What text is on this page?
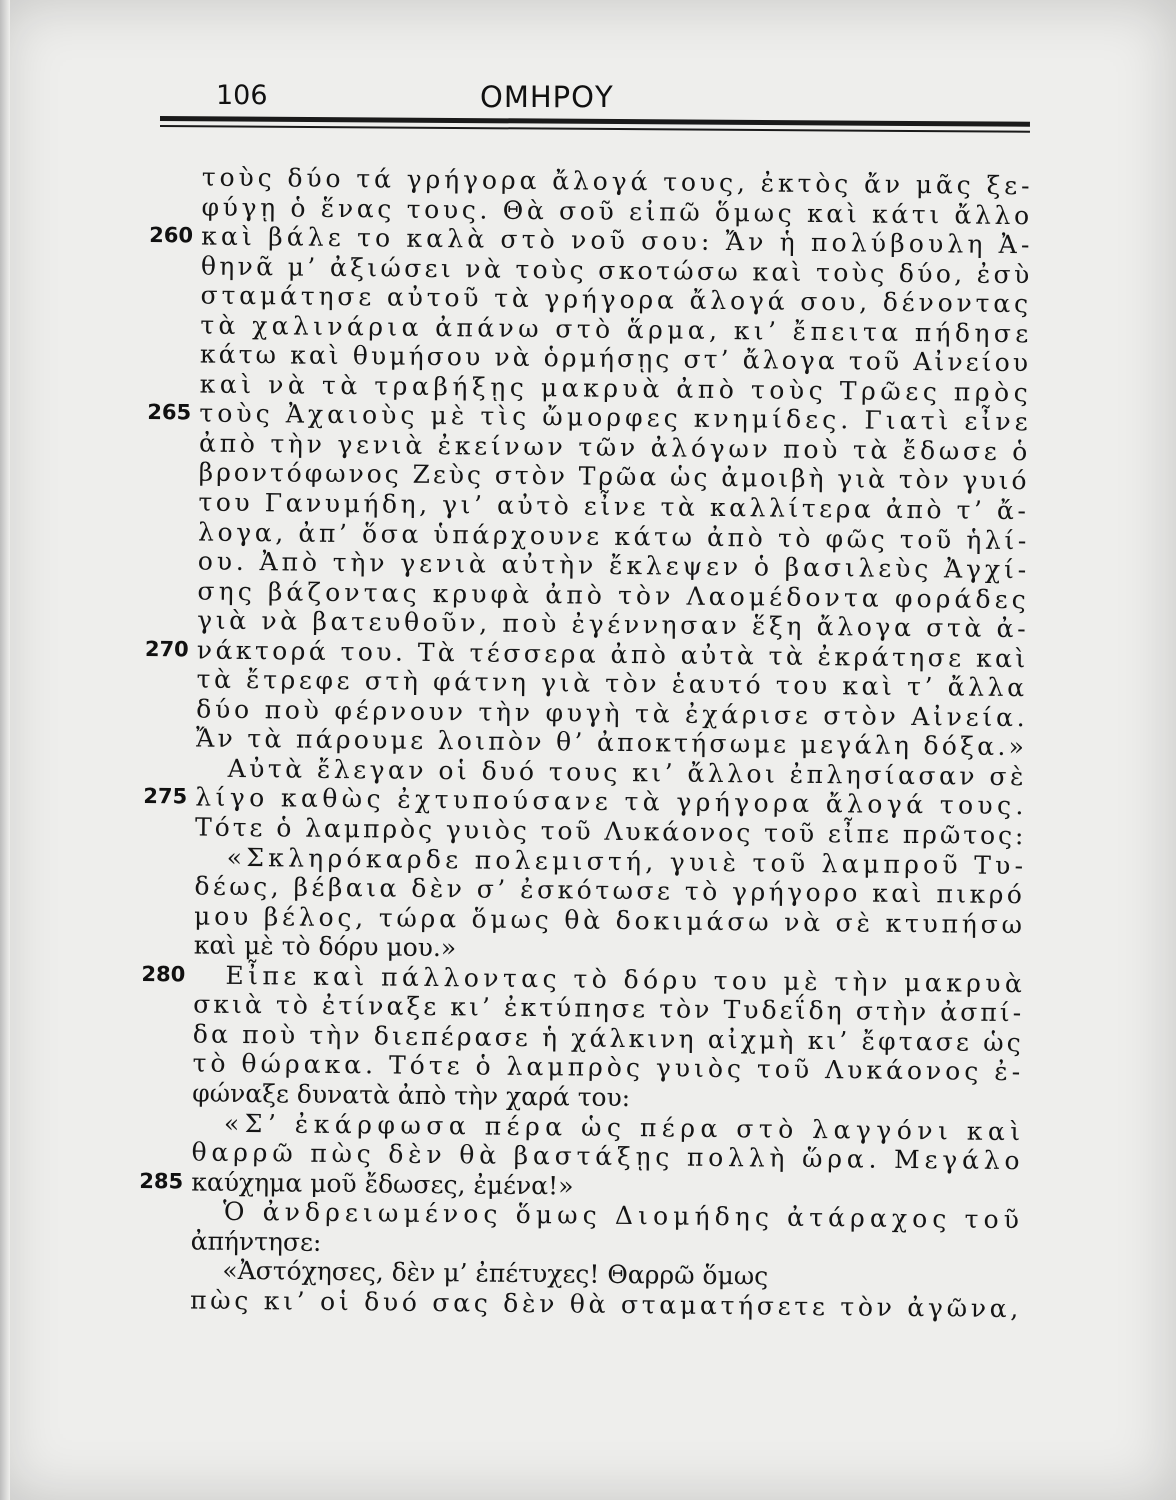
106	ΟΜΗΡΟΥ
τοὺς δύο τά γρήγορα ἄλογά τους, ἐκτὸς ἄν μᾶς ξε-
φύγῃ ὁ ἕνας τους. Θὰ σοῦ εἰπῶ ὅμως καὶ κάτι ἄλλο
260 καὶ βάλε το καλὰ στὸ νοῦ σου: Ἄν ἡ πολύβουλη Ἀ-
θηνᾶ μ’ ἀξιώσει νὰ τοὺς σκοτώσω καὶ τοὺς δύο, ἐσὺ
σταμάτησε αὐτοῦ τὰ γρήγορα ἄλογά σου, δένοντας
τὰ χαλινάρια ἀπάνω στὸ ἅρμα, κι’ ἔπειτα πήδησε
κάτω καὶ θυμήσου νὰ ὁρμήσῃς στ’ ἄλογα τοῦ Αἰνείου
καὶ νὰ τὰ τραβήξῃς μακρυὰ ἀπὸ τοὺς Τρῶες πρὸς
265 τοὺς Ἀχαιοὺς μὲ τὶς ὤμορφες κνημίδες. Γιατὶ εἶνε
ἀπὸ τὴν γενιὰ ἐκείνων τῶν ἀλόγων ποὺ τὰ ἔδωσε ὁ
βροντόφωνος Ζεὺς στὸν Τρῶα ὡς ἀμοιβὴ γιὰ τὸν γυιό
του Γανυμήδη, γι’ αὐτὸ εἶνε τὰ καλλίτερα ἀπὸ τ’ ἄ-
λογα, ἀπ’ ὅσα ὑπάρχουνε κάτω ἀπὸ τὸ φῶς τοῦ ἡλί-
ου. Ἀπὸ τὴν γενιὰ αὐτὴν ἔκλεψεν ὁ βασιλεὺς Ἀγχί-
σης βάζοντας κρυφὰ ἀπὸ τὸν Λαομέδοντα φοράδες
γιὰ νὰ βατευθοῦν, ποὺ ἐγέννησαν ἕξη ἄλογα στὰ ἀ-
270 νάκτορά του. Τὰ τέσσερα ἀπὸ αὐτὰ τὰ ἐκράτησε καὶ
τὰ ἔτρεφε στὴ φάτνη γιὰ τὸν ἑαυτό του καὶ τ’ ἄλλα
δύο ποὺ φέρνουν τὴν φυγὴ τὰ ἐχάρισε στὸν Αἰνεία.
Ἄν τὰ πάρουμε λοιπὸν θ’ ἀποκτήσωμε μεγάλη δόξα.»
Αὐτὰ ἔλεγαν οἱ δυό τους κι’ ἄλλοι ἐπλησίασαν σὲ
275 λίγο καθὼς ἐχτυπούσανε τὰ γρήγορα ἄλογά τους.
Τότε ὁ λαμπρὸς γυιὸς τοῦ Λυκάονος τοῦ εἶπε πρῶτος:
«Σκληρόκαρδε πολεμιστή, γυιὲ τοῦ λαμπροῦ Τυ-
δέως, βέβαια δὲν σ’ ἐσκότωσε τὸ γρήγορο καὶ πικρό
μου βέλος, τώρα ὅμως θὰ δοκιμάσω νὰ σὲ κτυπήσω
καὶ μὲ τὸ δόρυ μου.»
280 Εἶπε καὶ πάλλοντας τὸ δόρυ του μὲ τὴν μακρυὰ
σκιὰ τὸ ἐτίναξε κι’ ἐκτύπησε τὸν Τυδεΐδη στὴν ἀσπί-
δα ποὺ τὴν διεπέρασε ἡ χάλκινη αἰχμὴ κι’ ἔφτασε ὡς
τὸ θώρακα. Τότε ὁ λαμπρὸς γυιὸς τοῦ Λυκάονος ἐ-
φώναξε δυνατὰ ἀπὸ τὴν χαρά του:
«Σ’ ἐκάρφωσα πέρα ὡς πέρα στὸ λαγγόνι καὶ
θαρρῶ πὼς δὲν θὰ βαστάξῃς πολλὴ ὥρα. Μεγάλο
285 καύχημα μοῦ ἔδωσες, ἐμένα!»
Ὁ ἀνδρειωμένος ὅμως Διομήδης ἀτάραχος τοῦ
ἀπήντησε:
«Ἀστόχησες, δὲν μ’ ἐπέτυχες! Θαρρῶ ὅμως
πὼς κι’ οἱ δυό σας δὲν θὰ σταματήσετε τὸν ἀγῶνα,
